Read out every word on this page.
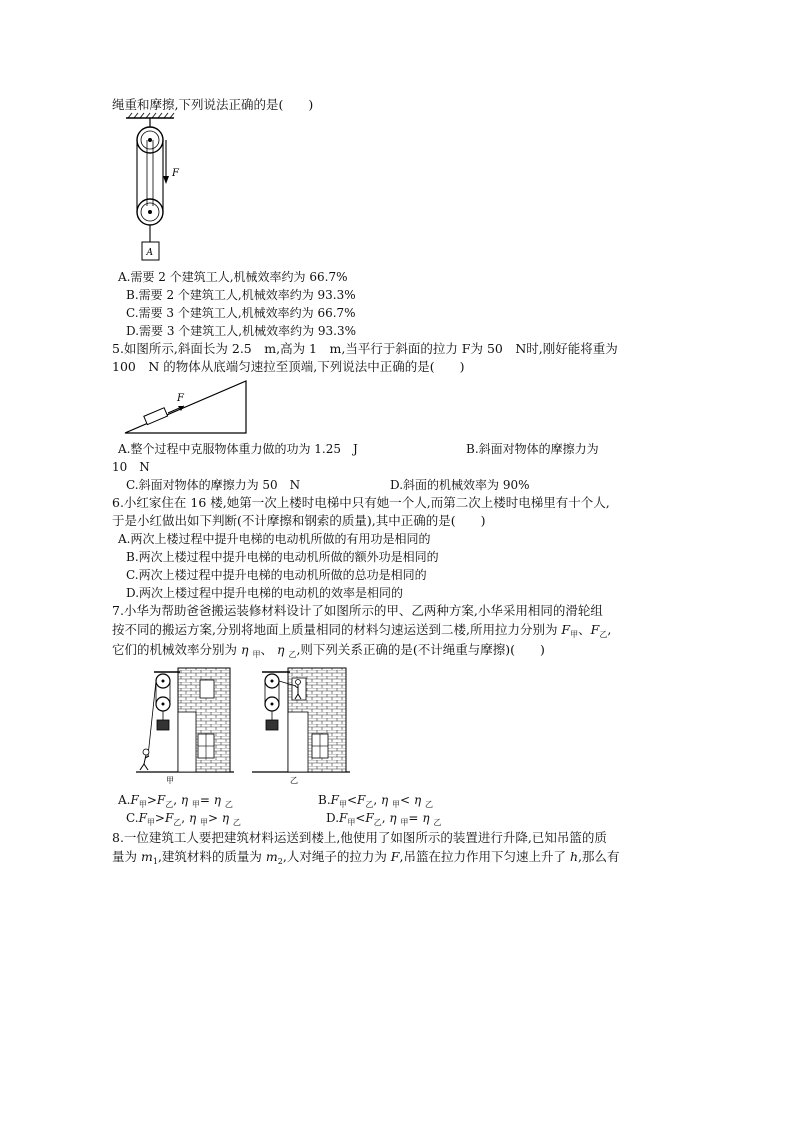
绳重和摩擦,下列说法正确的是(　　)
A
F
A.需要 2 个建筑工人,机械效率约为 66.7%
B.需要 2 个建筑工人,机械效率约为 93.3%
C.需要 3 个建筑工人,机械效率约为 66.7%
D.需要 3 个建筑工人,机械效率约为 93.3%
5.如图所示,斜面长为 2.5　m,高为 1　m,当平行于斜面的拉力 F为 50　N时,刚好能将重为
100　N 的物体从底端匀速拉至顶端,下列说法中正确的是(　　)
F
A.整个过程中克服物体重力做的功为 1.25　J	B.斜面对物体的摩擦力为
10　N
C.斜面对物体的摩擦力为 50　N	D.斜面的机械效率为 90%
6.小红家住在 16 楼,她第一次上楼时电梯中只有她一个人,而第二次上楼时电梯里有十个人,
于是小红做出如下判断(不计摩擦和钢索的质量),其中正确的是(　　)
A.两次上楼过程中提升电梯的电动机所做的有用功是相同的
B.两次上楼过程中提升电梯的电动机所做的额外功是相同的
C.两次上楼过程中提升电梯的电动机所做的总功是相同的
D.两次上楼过程中提升电梯的电动机的效率是相同的
7.小华为帮助爸爸搬运装修材料设计了如图所示的甲、乙两种方案,小华采用相同的滑轮组
按不同的搬运方案,分别将地面上质量相同的材料匀速运送到二楼,所用拉力分别为 $F_甲$、$F_乙$,
它们的机械效率分别为 η $_甲$、 η $_乙$,则下列关系正确的是(不计绳重与摩擦)(　　)
甲	乙
$A.F_甲>F_乙$, η $_甲$= η $_乙$	$B.F_甲<F_乙$, η $_甲$< η $_乙$
$C.F_甲>F_乙$, η $_甲$> η $_乙$	$D.F_甲<F_乙$, η $_甲$= η $_乙$
8.一位建筑工人要把建筑材料运送到楼上,他使用了如图所示的装置进行升降,已知吊篮的质
量为 $m_1$,建筑材料的质量为 $m_2$,人对绳子的拉力为 F,吊篮在拉力作用下匀速上升了 h,那么有
